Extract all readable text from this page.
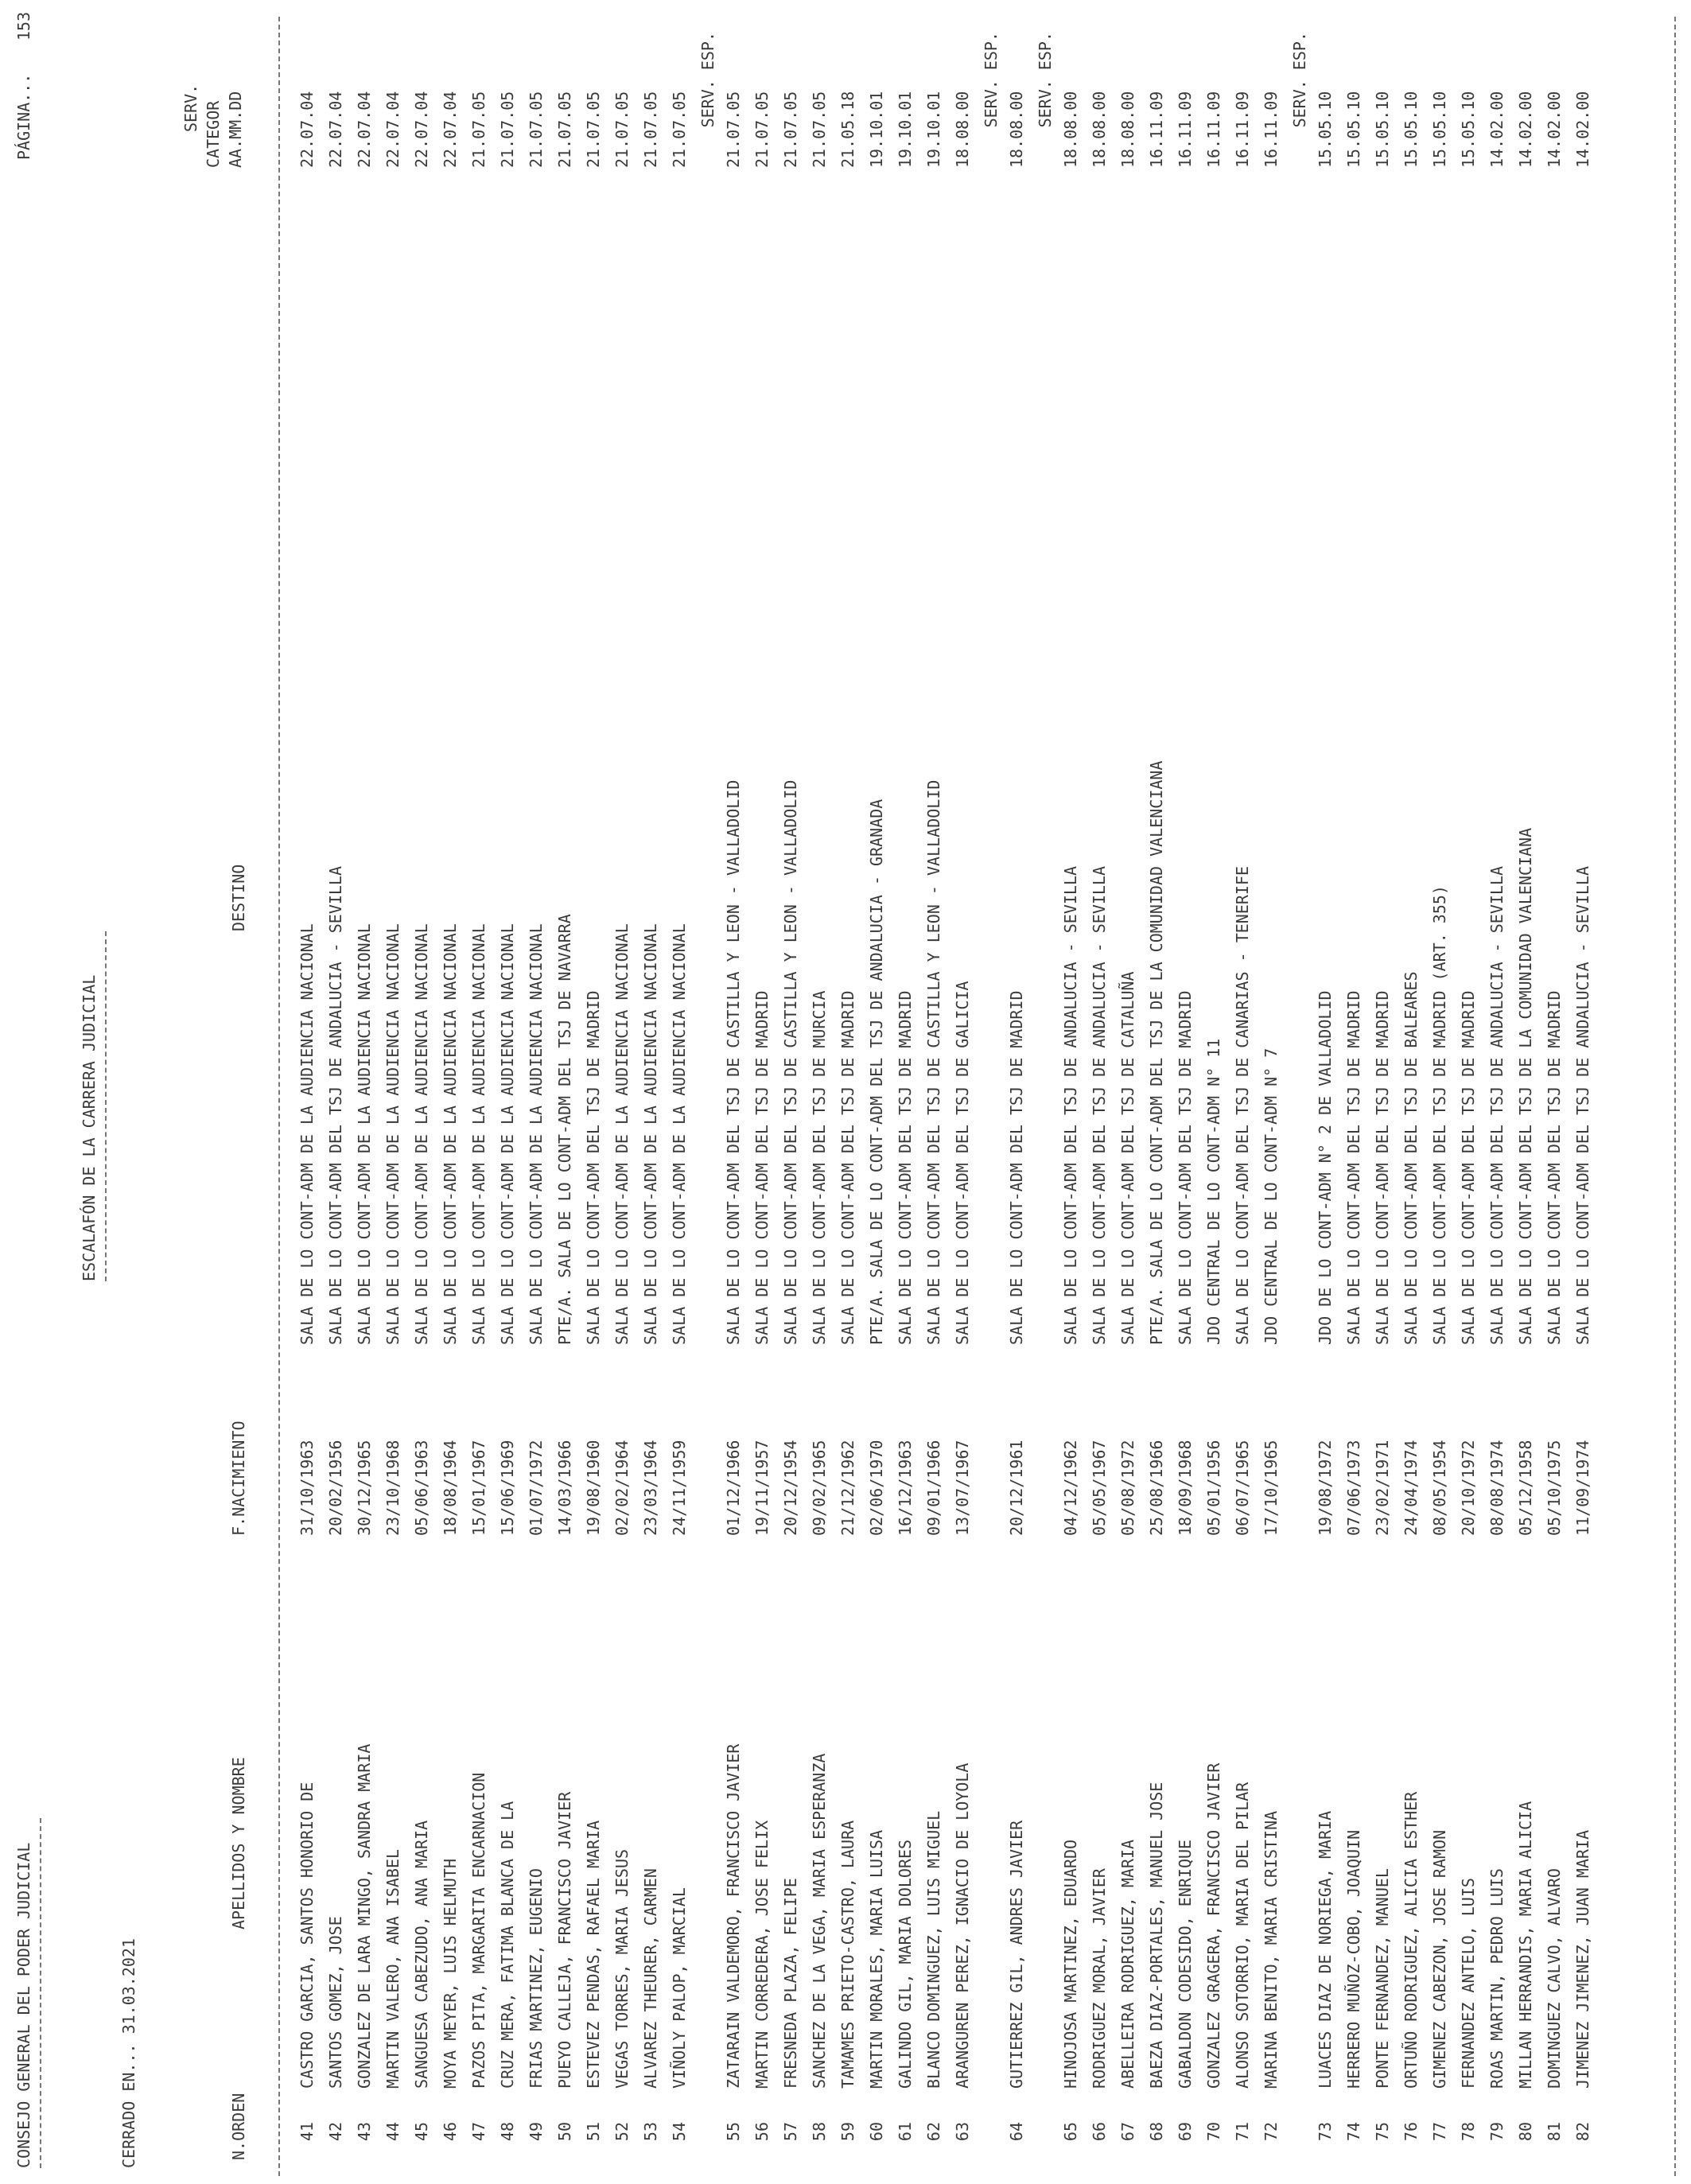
CONSEJO GENERAL DEL PODER JUDICIAL
ESCALAFÓN DE LA CARRERA JUDICIAL
PÁGINA...
153
CERRADO EN... 31.03.2021
SERV. CATEGOR AA.MM.DD
N.ORDEN
APELLIDOS Y NOMBRE
F.NACIMIENTO
DESTINO
41
CASTRO GARCIA, SANTOS HONORIO DE
31/10/1963
SALA DE LO CONT-ADM DE LA AUDIENCIA NACIONAL
22.07.04
42
SANTOS GOMEZ, JOSE
20/02/1956
SALA DE LO CONT-ADM DEL TSJ DE ANDALUCIA - SEVILLA
22.07.04
43
GONZALEZ DE LARA MINGO, SANDRA MARIA
30/12/1965
SALA DE LO CONT-ADM DE LA AUDIENCIA NACIONAL
22.07.04
44
MARTIN VALERO, ANA ISABEL
23/10/1968
SALA DE LO CONT-ADM DE LA AUDIENCIA NACIONAL
22.07.04
45
SANGUESA CABEZUDO, ANA MARIA
05/06/1963
SALA DE LO CONT-ADM DE LA AUDIENCIA NACIONAL
22.07.04
46
MOYA MEYER, LUIS HELMUTH
18/08/1964
SALA DE LO CONT-ADM DE LA AUDIENCIA NACIONAL
22.07.04
47
PAZOS PITA, MARGARITA ENCARNACION
15/01/1967
SALA DE LO CONT-ADM DE LA AUDIENCIA NACIONAL
21.07.05
48
CRUZ MERA, FATIMA BLANCA DE LA
15/06/1969
SALA DE LO CONT-ADM DE LA AUDIENCIA NACIONAL
21.07.05
49
FRIAS MARTINEZ, EUGENIO
01/07/1972
SALA DE LO CONT-ADM DE LA AUDIENCIA NACIONAL
21.07.05
50
PUEYO CALLEJA, FRANCISCO JAVIER
14/03/1966
PTE/A. SALA DE LO CONT-ADM DEL TSJ DE NAVARRA
21.07.05
51
ESTEVEZ PENDAS, RAFAEL MARIA
19/08/1960
SALA DE LO CONT-ADM DEL TSJ DE MADRID
21.07.05
52
VEGAS TORRES, MARIA JESUS
02/02/1964
SALA DE LO CONT-ADM DE LA AUDIENCIA NACIONAL
21.07.05
53
ALVAREZ THEURER, CARMEN
23/03/1964
SALA DE LO CONT-ADM DE LA AUDIENCIA NACIONAL
21.07.05
54
VIÑOLY PALOP, MARCIAL
24/11/1959
SALA DE LO CONT-ADM DE LA AUDIENCIA NACIONAL
21.07.05
SERV. ESP.
55
ZATARAIN VALDEMORO, FRANCISCO JAVIER
01/12/1966
SALA DE LO CONT-ADM DEL TSJ DE CASTILLA Y LEON - VALLADOLID
21.07.05
56
MARTIN CORREDERA, JOSE FELIX
19/11/1957
SALA DE LO CONT-ADM DEL TSJ DE MADRID
21.07.05
57
FRESNEDA PLAZA, FELIPE
20/12/1954
SALA DE LO CONT-ADM DEL TSJ DE CASTILLA Y LEON - VALLADOLID
21.07.05
58
SANCHEZ DE LA VEGA, MARIA ESPERANZA
09/02/1965
SALA DE LO CONT-ADM DEL TSJ DE MURCIA
21.07.05
59
TAMAMES PRIETO-CASTRO, LAURA
21/12/1962
SALA DE LO CONT-ADM DEL TSJ DE MADRID
21.05.18
60
MARTIN MORALES, MARIA LUISA
02/06/1970
PTE/A. SALA DE LO CONT-ADM DEL TSJ DE ANDALUCIA - GRANADA
19.10.01
61
GALINDO GIL, MARIA DOLORES
16/12/1963
SALA DE LO CONT-ADM DEL TSJ DE MADRID
19.10.01
62
BLANCO DOMINGUEZ, LUIS MIGUEL
09/01/1966
SALA DE LO CONT-ADM DEL TSJ DE CASTILLA Y LEON - VALLADOLID
19.10.01
63
ARANGUREN PEREZ, IGNACIO DE LOYOLA
13/07/1967
SALA DE LO CONT-ADM DEL TSJ DE GALICIA
18.08.00
SERV. ESP.
64
GUTIERREZ GIL, ANDRES JAVIER
20/12/1961
SALA DE LO CONT-ADM DEL TSJ DE MADRID
18.08.00
SERV. ESP.
65
HINOJOSA MARTINEZ, EDUARDO
04/12/1962
SALA DE LO CONT-ADM DEL TSJ DE ANDALUCIA - SEVILLA
18.08.00
66
RODRIGUEZ MORAL, JAVIER
05/05/1967
SALA DE LO CONT-ADM DEL TSJ DE ANDALUCIA - SEVILLA
18.08.00
67
ABELLEIRA RODRIGUEZ, MARIA
05/08/1972
SALA DE LO CONT-ADM DEL TSJ DE CATALUÑA
18.08.00
68
BAEZA DIAZ-PORTALES, MANUEL JOSE
25/08/1966
PTE/A. SALA DE LO CONT-ADM DEL TSJ DE LA COMUNIDAD VALENCIANA
16.11.09
69
GABALDON CODESIDO, ENRIQUE
18/09/1968
SALA DE LO CONT-ADM DEL TSJ DE MADRID
16.11.09
70
GONZALEZ GRAGERA, FRANCISCO JAVIER
05/01/1956
JDO CENTRAL DE LO CONT-ADM N° 11
16.11.09
71
ALONSO SOTORRIO, MARIA DEL PILAR
06/07/1965
SALA DE LO CONT-ADM DEL TSJ DE CANARIAS - TENERIFE
16.11.09
72
MARINA BENITO, MARIA CRISTINA
17/10/1965
JDO CENTRAL DE LO CONT-ADM N° 7
16.11.09
SERV. ESP.
73
LUACES DIAZ DE NORIEGA, MARIA
19/08/1972
JDO DE LO CONT-ADM N° 2 DE VALLADOLID
15.05.10
74
HERRERO MUÑOZ-COBO, JOAQUIN
07/06/1973
SALA DE LO CONT-ADM DEL TSJ DE MADRID
15.05.10
75
PONTE FERNANDEZ, MANUEL
23/02/1971
SALA DE LO CONT-ADM DEL TSJ DE MADRID
15.05.10
76
ORTUÑO RODRIGUEZ, ALICIA ESTHER
24/04/1974
SALA DE LO CONT-ADM DEL TSJ DE BALEARES
15.05.10
77
GIMENEZ CABEZON, JOSE RAMON
08/05/1954
SALA DE LO CONT-ADM DEL TSJ DE MADRID (ART. 355)
15.05.10
78
FERNANDEZ ANTELO, LUIS
20/10/1972
SALA DE LO CONT-ADM DEL TSJ DE MADRID
15.05.10
79
ROAS MARTIN, PEDRO LUIS
08/08/1974
SALA DE LO CONT-ADM DEL TSJ DE ANDALUCIA - SEVILLA
14.02.00
80
MILLAN HERRANDIS, MARIA ALICIA
05/12/1958
SALA DE LO CONT-ADM DEL TSJ DE LA COMUNIDAD VALENCIANA
14.02.00
81
DOMINGUEZ CALVO, ALVARO
05/10/1975
SALA DE LO CONT-ADM DEL TSJ DE MADRID
14.02.00
82
JIMENEZ JIMENEZ, JUAN MARIA
11/09/1974
SALA DE LO CONT-ADM DEL TSJ DE ANDALUCIA - SEVILLA
14.02.00
